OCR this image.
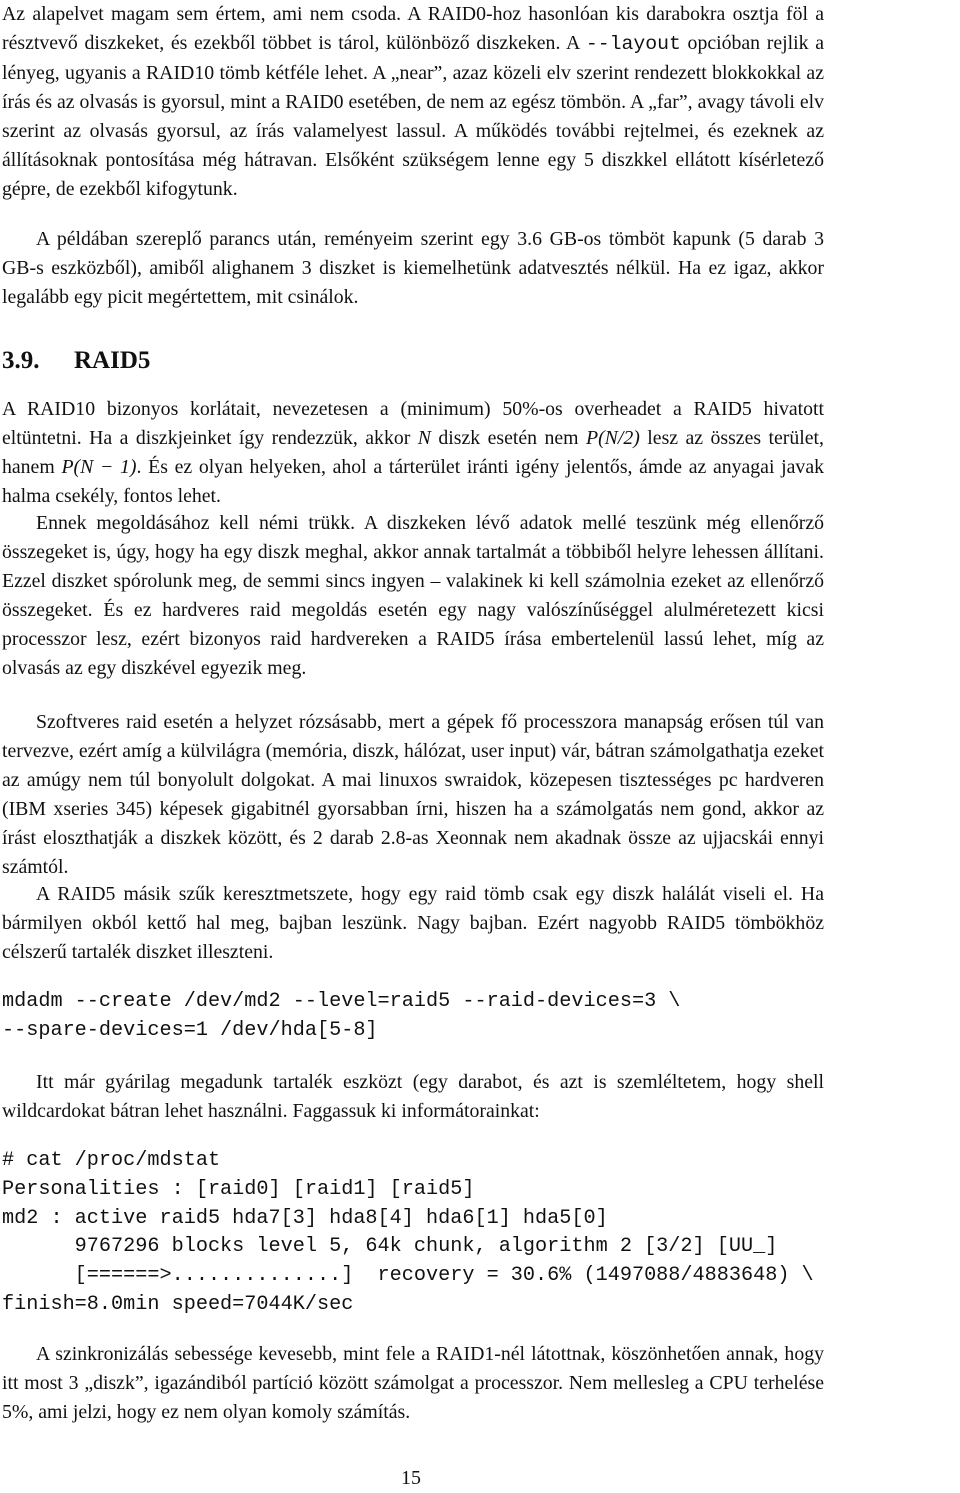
Az alapelvet magam sem értem, ami nem csoda. A RAID0-hoz hasonlóan kis darabokra osztja föl a résztvevő diszkeket, és ezekből többet is tárol, különböző diszkeken. A --layout opcióban rejlik a lényeg, ugyanis a RAID10 tömb kétféle lehet. A „near”, azaz közeli elv szerint rendezett blokkokkal az írás és az olvasás is gyorsul, mint a RAID0 esetében, de nem az egész tömbön. A „far”, avagy távoli elv szerint az olvasás gyorsul, az írás valamelyest lassul. A működés további rejtelmei, és ezeknek az állításoknak pontosítása még hátravan. Elsőként szükségem lenne egy 5 diszkkel ellátott kísérletező gépre, de ezekből kifogytunk.

A példában szereplő parancs után, reményeim szerint egy 3.6 GB-os tömböt kapunk (5 darab 3 GB-s eszközből), amiből alighanem 3 diszket is kiemelhetünk adatvesztés nélkül. Ha ez igaz, akkor legalább egy picit megértettem, mit csinálok.

3.9. RAID5

A RAID10 bizonyos korlátait, nevezetesen a (minimum) 50%-os overheadet a RAID5 hivatott eltüntetni. Ha a diszkjeinket így rendezzük, akkor N diszk esetén nem P(N/2) lesz az összes terület, hanem P(N − 1). És ez olyan helyeken, ahol a tárterület iránti igény jelentős, ámde az anyagai javak halma csekély, fontos lehet.

Ennek megoldásához kell némi trükk. A diszkeken lévő adatok mellé teszünk még ellenőrző összegeket is, úgy, hogy ha egy diszk meghal, akkor annak tartalmát a többiből helyre lehessen állítani. Ezzel diszket spórolunk meg, de semmi sincs ingyen – valakinek ki kell számolnia ezeket az ellenőrző összegeket. És ez hardveres raid megoldás esetén egy nagy valószínűséggel alulméretezett kicsi processzor lesz, ezért bizonyos raid hardvereken a RAID5 írása embertelenül lassú lehet, míg az olvasás az egy diszkével egyezik meg.

Szoftveres raid esetén a helyzet rózsásabb, mert a gépek fő processzora manapság erősen túl van tervezve, ezért amíg a külvilágra (memória, diszk, hálózat, user input) vár, bátran számolgathatja ezeket az amúgy nem túl bonyolult dolgokat. A mai linuxos swraidok, közepesen tisztességes pc hardveren (IBM xseries 345) képesek gigabitnél gyorsabban írni, hiszen ha a számolgatás nem gond, akkor az írást eloszthatják a diszkek között, és 2 darab 2.8-as Xeonnak nem akadnak össze az ujjacskái ennyi számtól.

A RAID5 másik szűk keresztmetszete, hogy egy raid tömb csak egy diszk halálát viseli el. Ha bármilyen okból kettő hal meg, bajban leszünk. Nagy bajban. Ezért nagyobb RAID5 tömbökhöz célszerű tartalék diszket illeszteni.

mdadm --create /dev/md2 --level=raid5 --raid-devices=3 \
--spare-devices=1 /dev/hda[5-8]

Itt már gyárilag megadunk tartalék eszközt (egy darabot, és azt is szemléltetem, hogy shell wildcardokat bátran lehet használni. Faggassuk ki informátorainkat:

# cat /proc/mdstat
Personalities : [raid0] [raid1] [raid5]
md2 : active raid5 hda7[3] hda8[4] hda6[1] hda5[0]
9767296 blocks level 5, 64k chunk, algorithm 2 [3/2] [UU_]
[======>..............]  recovery = 30.6% (1497088/4883648) \
finish=8.0min speed=7044K/sec

A szinkronizálás sebessége kevesebb, mint fele a RAID1-nél látottnak, köszönhetően annak, hogy itt most 3 „diszk”, igazándiból partíció között számolgat a processzor. Nem mellesleg a CPU terhelése 5%, ami jelzi, hogy ez nem olyan komoly számítás.

15
